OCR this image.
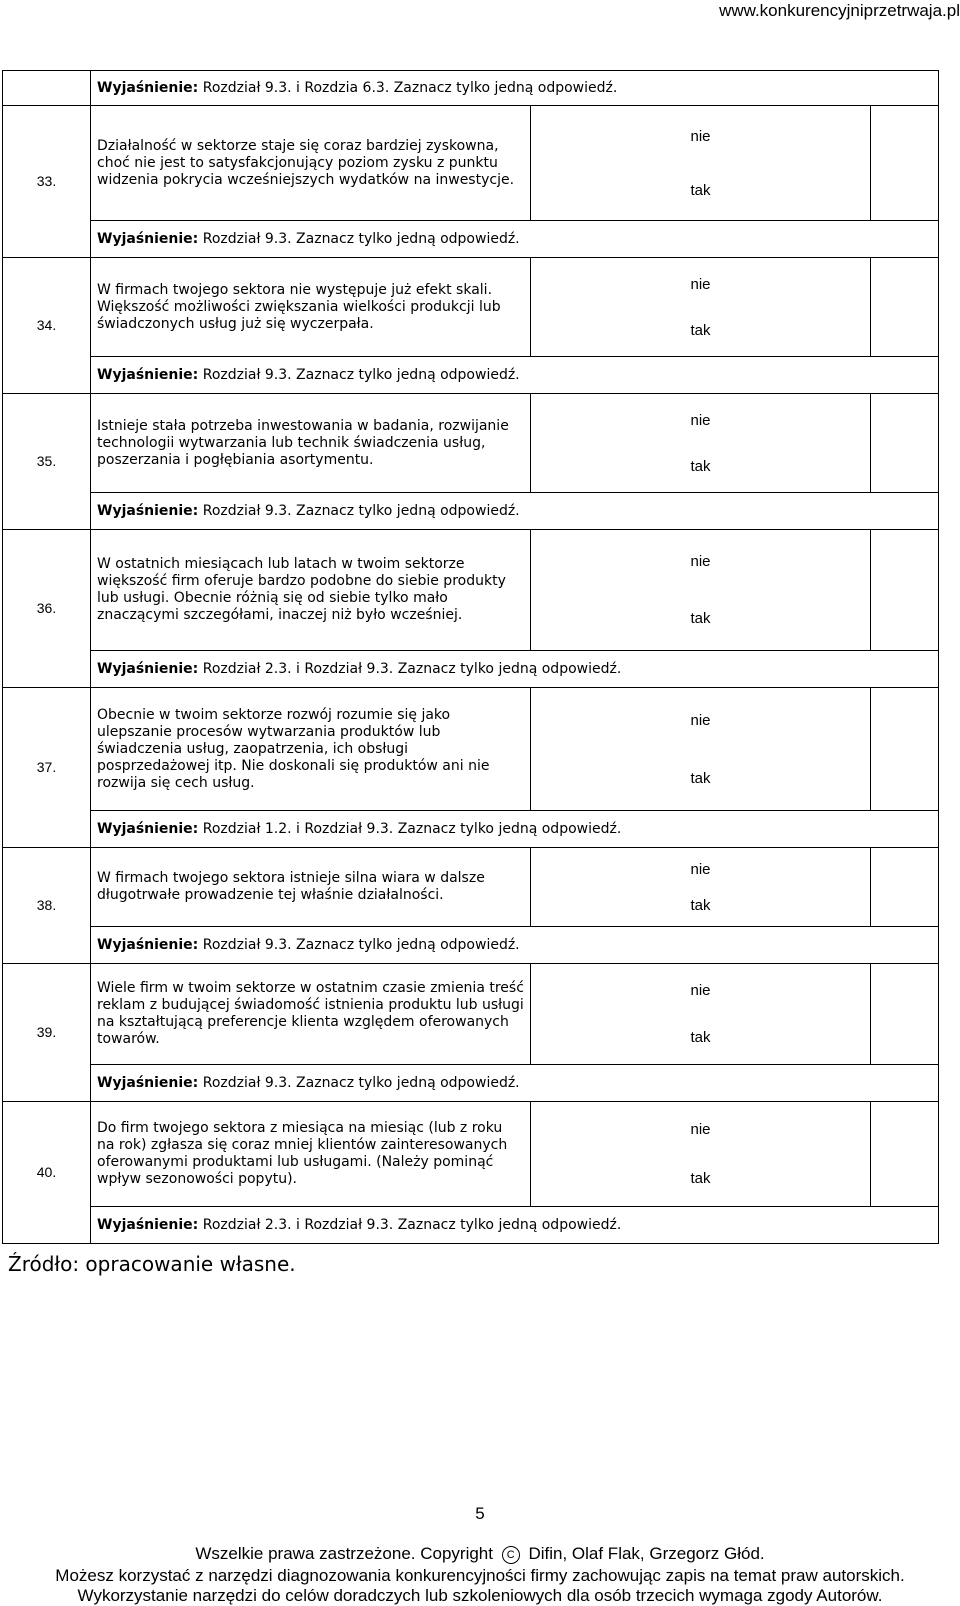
www.konkurencyjniprzetrwaja.pl
	Wyjaśnienie: Rozdział 9.3. i Rozdzia 6.3. Zaznacz tylko jedną odpowiedź.		
33.	Działalność w sektorze staje się coraz bardziej zyskowna, choć nie jest to satysfakcjonujący poziom zysku z punktu widzenia pokrycia wcześniejszych wydatków na inwestycje.	nie
tak	

	Wyjaśnienie: Rozdział 9.3. Zaznacz tylko jedną odpowiedź.		
34.	W firmach twojego sektora nie występuje już efekt skali. Większość możliwości zwiększania wielkości produkcji lub świadczonych usług już się wyczerpała.	nie
tak	

	Wyjaśnienie: Rozdział 9.3. Zaznacz tylko jedną odpowiedź.		
35.	Istnieje stała potrzeba inwestowania w badania, rozwijanie technologii wytwarzania lub technik świadczenia usług, poszerzania i pogłębiania asortymentu.	nie
tak	

	Wyjaśnienie: Rozdział 9.3. Zaznacz tylko jedną odpowiedź.		
36.	W ostatnich miesiącach lub latach w twoim sektorze większość firm oferuje bardzo podobne do siebie produkty lub usługi. Obecnie różnią się od siebie tylko mało znaczącymi szczegółami, inaczej niż było wcześniej.	nie
tak	

	Wyjaśnienie: Rozdział 2.3. i Rozdział 9.3. Zaznacz tylko jedną odpowiedź.		
37.	Obecnie w twoim sektorze rozwój rozumie się jako ulepszanie procesów wytwarzania produktów lub świadczenia usług, zaopatrzenia, ich obsługi posprzedażowej itp. Nie doskonali się produktów ani nie rozwija się cech usług.	nie
tak	

	Wyjaśnienie: Rozdział 1.2. i Rozdział 9.3. Zaznacz tylko jedną odpowiedź.		
38.	W firmach twojego sektora istnieje silna wiara w dalsze długotrwałe prowadzenie tej właśnie działalności.	nie
tak	

	Wyjaśnienie: Rozdział 9.3. Zaznacz tylko jedną odpowiedź.		
39.	Wiele firm w twoim sektorze w ostatnim czasie zmienia treść reklam z budującej świadomość istnienia produktu lub usługi na kształtującą preferencje klienta względem oferowanych towarów.	nie
tak	

	Wyjaśnienie: Rozdział 9.3. Zaznacz tylko jedną odpowiedź.		
40.	Do firm twojego sektora z miesiąca na miesiąc (lub z roku na rok) zgłasza się coraz mniej klientów zainteresowanych oferowanymi produktami lub usługami. (Należy pominąć wpływ sezonowości popytu).	nie
tak	

	Wyjaśnienie: Rozdział 2.3. i Rozdział 9.3. Zaznacz tylko jedną odpowiedź.		
Źródło: opracowanie własne.
5
Wszelkie prawa zastrzeżone. Copyright C Difin, Olaf Flak, Grzegorz Głód.
Możesz korzystać z narzędzi diagnozowania konkurencyjności firmy zachowując zapis na temat praw autorskich.
Wykorzystanie narzędzi do celów doradczych lub szkoleniowych dla osób trzecich wymaga zgody Autorów.
